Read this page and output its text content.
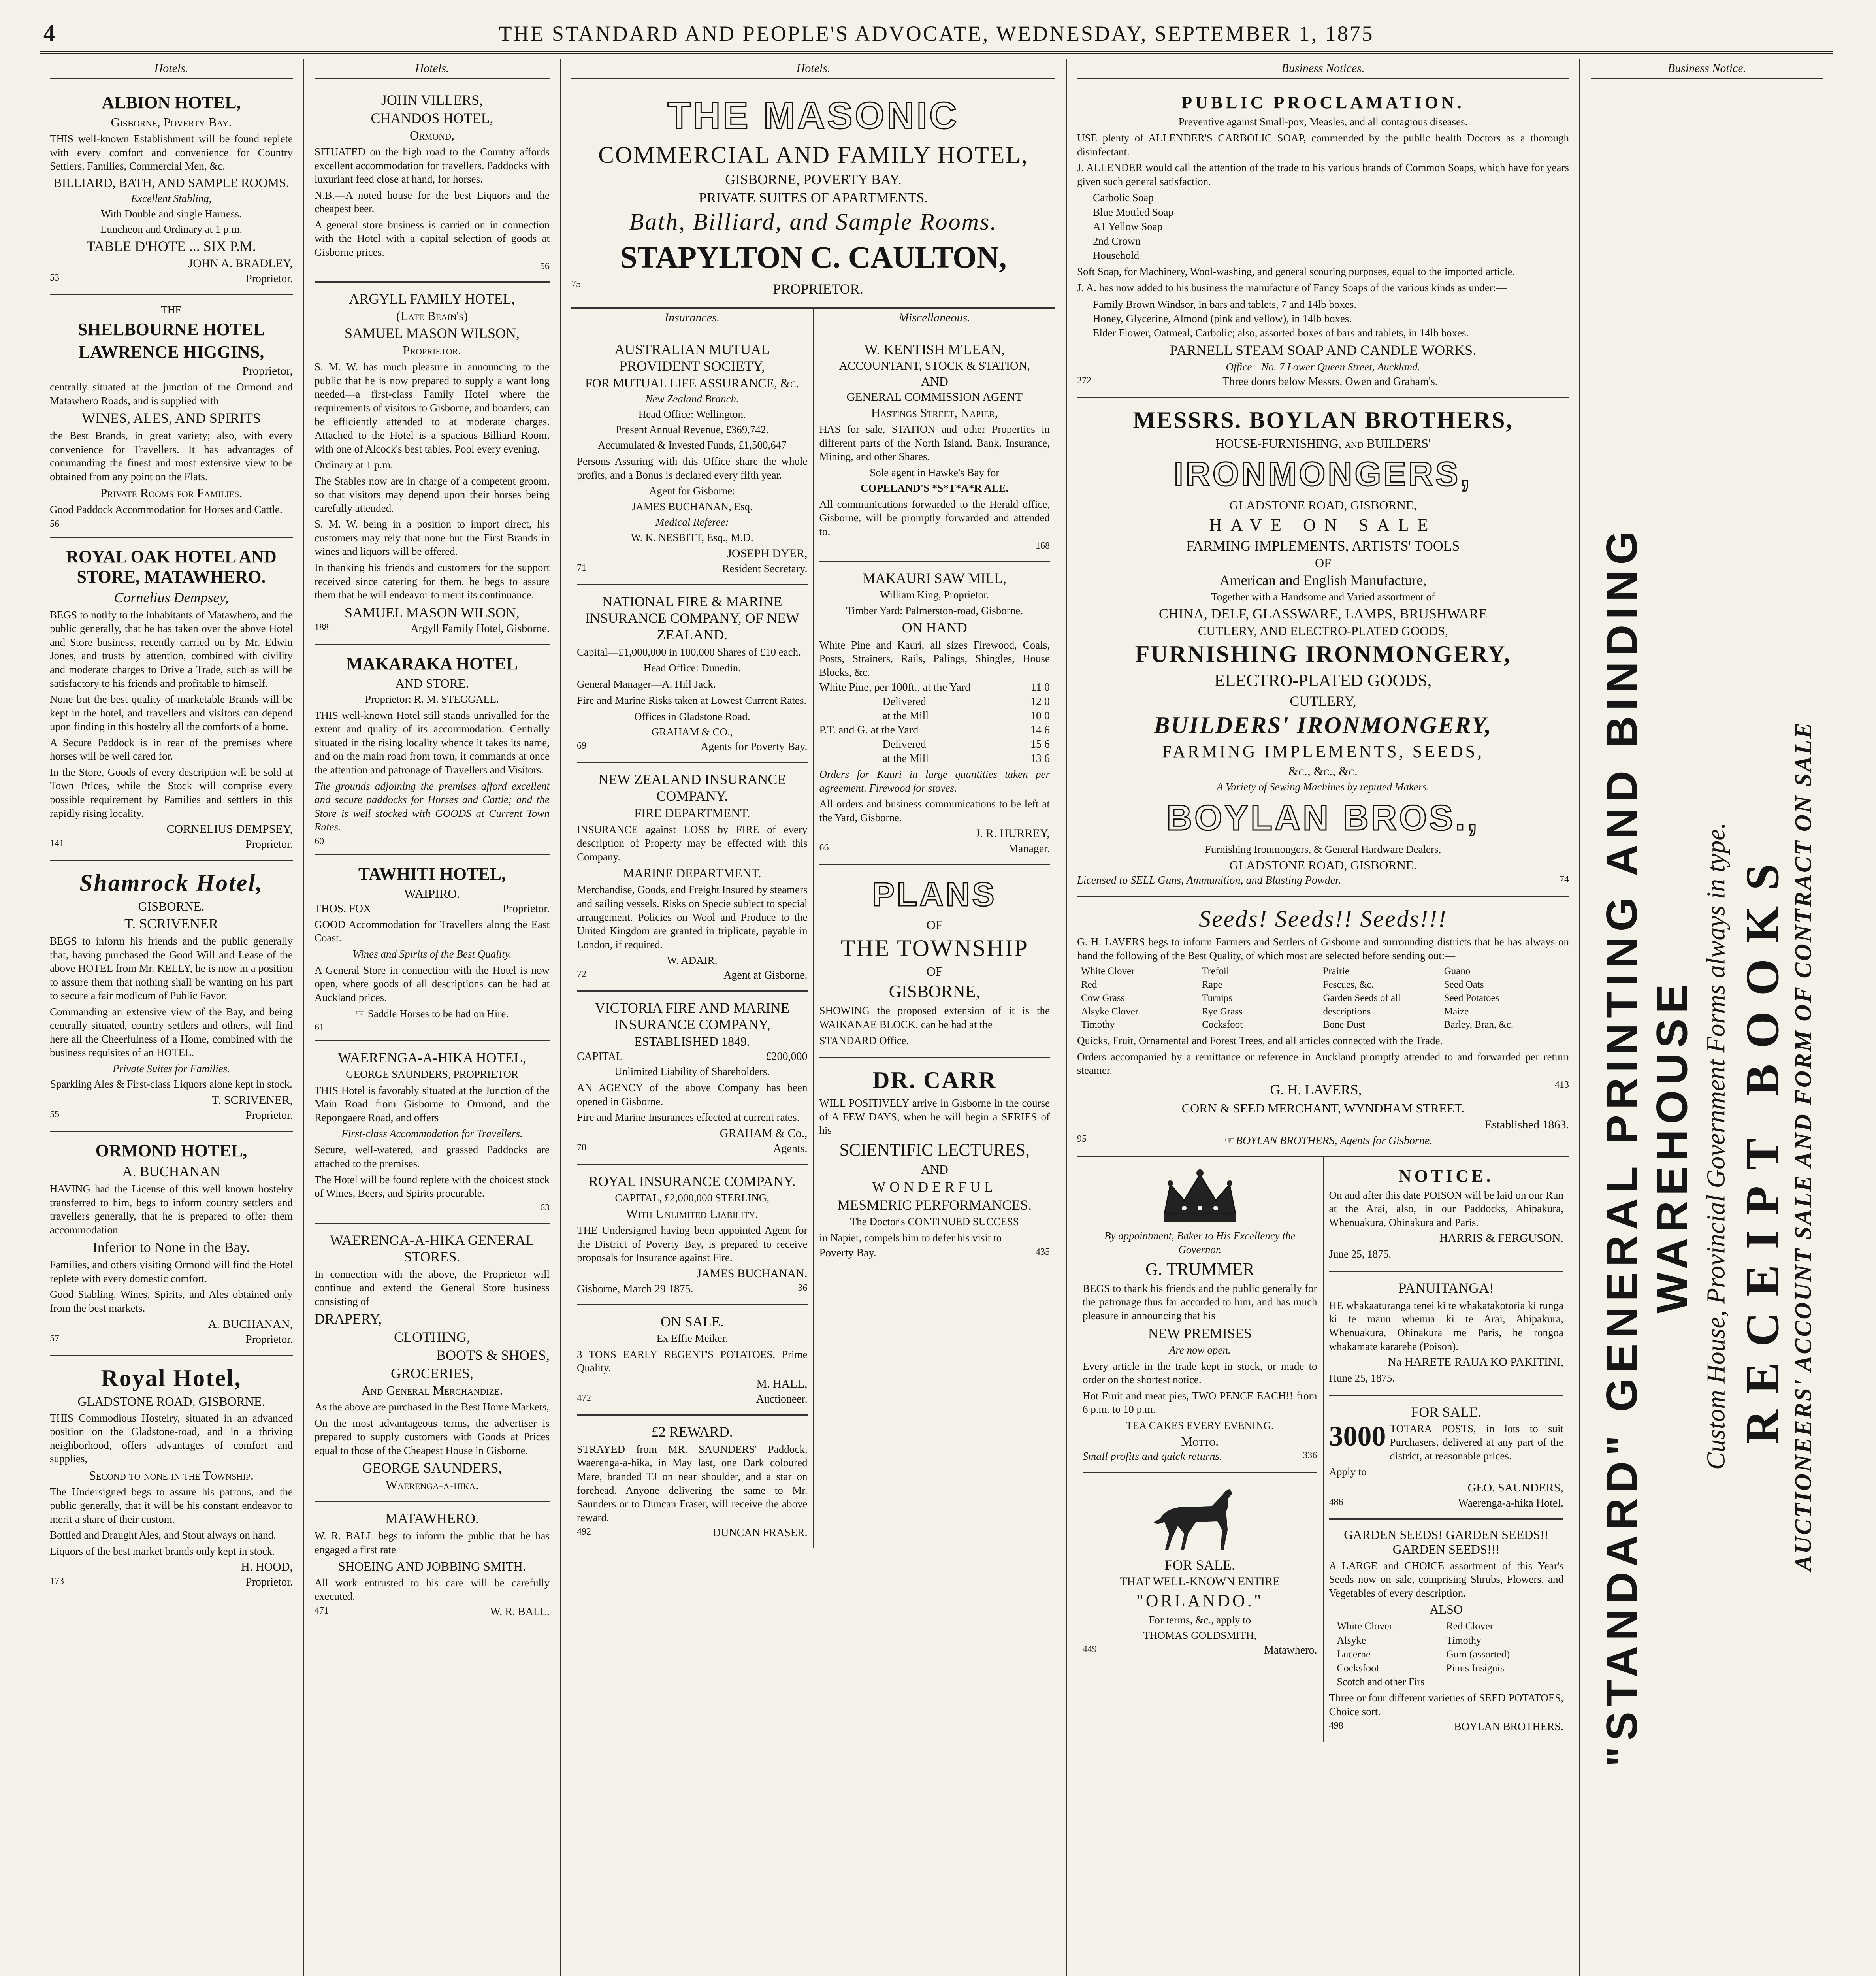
4	THE STANDARD AND PEOPLE'S ADVOCATE, WEDNESDAY, SEPTEMBER 1, 1875
Hotels.
ALBION HOTEL,
Gisborne, Poverty Bay.
THIS well-known Establishment will be found replete with every comfort and convenience for Country Settlers, Families, Commercial Men, &c.
BILLIARD, BATH, AND SAMPLE ROOMS.
Excellent Stabling,
With Double and single Harness.
Luncheon and Ordinary at 1 p.m.
TABLE D'HOTE ... SIX P.M.
JOHN A. BRADLEY,
53	Proprietor.
THE
SHELBOURNE HOTEL
LAWRENCE HIGGINS,
Proprietor,
centrally situated at the junction of the Ormond and Matawhero Roads, and is supplied with
WINES, ALES, AND SPIRITS
the Best Brands, in great variety; also, with every convenience for Travellers. It has advantages of commanding the finest and most extensive view to be obtained from any point on the Flats.
Private Rooms for Families.
Good Paddock Accommodation for Horses and Cattle.
56
ROYAL OAK HOTEL AND STORE, MATAWHERO.
Cornelius Dempsey,
BEGS to notify to the inhabitants of Matawhero, and the public generally, that he has taken over the above Hotel and Store business, recently carried on by Mr. Edwin Jones, and trusts by attention, combined with civility and moderate charges to Drive a Trade, such as will be satisfactory to his friends and profitable to himself.
None but the best quality of marketable Brands will be kept in the hotel, and travellers and visitors can depend upon finding in this hostelry all the comforts of a home.
A Secure Paddock is in rear of the premises where horses will be well cared for.
In the Store, Goods of every description will be sold at Town Prices, while the Stock will comprise every possible requirement by Families and settlers in this rapidly rising locality.
CORNELIUS DEMPSEY,
141	Proprietor.
Shamrock Hotel,
GISBORNE.
T. SCRIVENER
BEGS to inform his friends and the public generally that, having purchased the Good Will and Lease of the above HOTEL from Mr. KELLY, he is now in a position to assure them that nothing shall be wanting on his part to secure a fair modicum of Public Favor.
Commanding an extensive view of the Bay, and being centrally situated, country settlers and others, will find here all the Cheerfulness of a Home, combined with the business requisites of an HOTEL.
Private Suites for Families.
Sparkling Ales & First-class Liquors alone kept in stock.
T. SCRIVENER,
55	Proprietor.
ORMOND HOTEL,
A. BUCHANAN
HAVING had the License of this well known hostelry transferred to him, begs to inform country settlers and travellers generally, that he is prepared to offer them accommodation
Inferior to None in the Bay.
Families, and others visiting Ormond will find the Hotel replete with every domestic comfort.
Good Stabling. Wines, Spirits, and Ales obtained only from the best markets.
A. BUCHANAN,
57	Proprietor.
Royal Hotel,
GLADSTONE ROAD, GISBORNE.
THIS Commodious Hostelry, situated in an advanced position on the Gladstone-road, and in a thriving neighborhood, offers advantages of comfort and supplies,
Second to none in the Township.
The Undersigned begs to assure his patrons, and the public generally, that it will be his constant endeavor to merit a share of their custom.
Bottled and Draught Ales, and Stout always on hand.
Liquors of the best market brands only kept in stock.
H. HOOD,
173	Proprietor.
Hotels.
JOHN VILLERS,
CHANDOS HOTEL,
Ormond,
SITUATED on the high road to the Country affords excellent accommodation for travellers. Paddocks with luxuriant feed close at hand, for horses.
N.B.—A noted house for the best Liquors and the cheapest beer.
A general store business is carried on in connection with the Hotel with a capital selection of goods at Gisborne prices.
56
ARGYLL FAMILY HOTEL,
(Late Beain's)
SAMUEL MASON WILSON,
Proprietor.
S. M. W. has much pleasure in announcing to the public that he is now prepared to supply a want long needed—a first-class Family Hotel where the requirements of visitors to Gisborne, and boarders, can be efficiently attended to at moderate charges. Attached to the Hotel is a spacious Billiard Room, with one of Alcock's best tables. Pool every evening.
Ordinary at 1 p.m.
The Stables now are in charge of a competent groom, so that visitors may depend upon their horses being carefully attended.
S. M. W. being in a position to import direct, his customers may rely that none but the First Brands in wines and liquors will be offered.
In thanking his friends and customers for the support received since catering for them, he begs to assure them that he will endeavor to merit its continuance.
SAMUEL MASON WILSON,
188	Argyll Family Hotel, Gisborne.
MAKARAKA HOTEL
AND STORE.
Proprietor: R. M. STEGGALL.
THIS well-known Hotel still stands unrivalled for the extent and quality of its accommodation. Centrally situated in the rising locality whence it takes its name, and on the main road from town, it commands at once the attention and patronage of Travellers and Visitors.
The grounds adjoining the premises afford excellent and secure paddocks for Horses and Cattle; and the Store is well stocked with GOODS at Current Town Rates.
60
TAWHITI HOTEL,
WAIPIRO.
THOS. FOX	Proprietor.
GOOD Accommodation for Travellers along the East Coast.
Wines and Spirits of the Best Quality.
A General Store in connection with the Hotel is now open, where goods of all descriptions can be had at Auckland prices.
☞ Saddle Horses to be had on Hire.
61
WAERENGA-A-HIKA HOTEL,
GEORGE SAUNDERS, PROPRIETOR
THIS Hotel is favorably situated at the Junction of the Main Road from Gisborne to Ormond, and the Repongaere Road, and offers
First-class Accommodation for Travellers.
Secure, well-watered, and grassed Paddocks are attached to the premises.
The Hotel will be found replete with the choicest stock of Wines, Beers, and Spirits procurable.
63
WAERENGA-A-HIKA GENERAL STORES.
In connection with the above, the Proprietor will continue and extend the General Store business consisting of
DRAPERY,
CLOTHING,
BOOTS & SHOES,
GROCERIES,
And General Merchandize.
As the above are purchased in the Best Home Markets,
On the most advantageous terms, the advertiser is prepared to supply customers with Goods at Prices equal to those of the Cheapest House in Gisborne.
GEORGE SAUNDERS,
Waerenga-a-hika.
MATAWHERO.
W. R. BALL begs to inform the public that he has engaged a first rate
SHOEING AND JOBBING SMITH.
All work entrusted to his care will be carefully executed.
471	W. R. BALL.
Hotels.
THE MASONIC
COMMERCIAL AND FAMILY HOTEL,
GISBORNE, POVERTY BAY.
PRIVATE SUITES OF APARTMENTS.
Bath, Billiard, and Sample Rooms.
STAPYLTON C. CAULTON,
75	PROPRIETOR.
Insurances.
AUSTRALIAN MUTUAL PROVIDENT SOCIETY,
FOR MUTUAL LIFE ASSURANCE, &c.
New Zealand Branch.
Head Office: Wellington.
Present Annual Revenue, £369,742.
Accumulated & Invested Funds, £1,500,647
Persons Assuring with this Office share the whole profits, and a Bonus is declared every fifth year.
Agent for Gisborne:
JAMES BUCHANAN, Esq.
Medical Referee:
W. K. NESBITT, Esq., M.D.
JOSEPH DYER,
71	Resident Secretary.
NATIONAL FIRE & MARINE INSURANCE COMPANY, OF NEW ZEALAND.
Capital—£1,000,000 in 100,000 Shares of £10 each.
Head Office: Dunedin.
General Manager—A. Hill Jack.
Fire and Marine Risks taken at Lowest Current Rates.
Offices in Gladstone Road.
GRAHAM & CO.,
69	Agents for Poverty Bay.
NEW ZEALAND INSURANCE COMPANY.
FIRE DEPARTMENT.
INSURANCE against LOSS by FIRE of every description of Property may be effected with this Company.
MARINE DEPARTMENT.
Merchandise, Goods, and Freight Insured by steamers and sailing vessels. Risks on Specie subject to special arrangement. Policies on Wool and Produce to the United Kingdom are granted in triplicate, payable in London, if required.
W. ADAIR,
72	Agent at Gisborne.
VICTORIA FIRE AND MARINE INSURANCE COMPANY,
ESTABLISHED 1849.
CAPITAL	£200,000
Unlimited Liability of Shareholders.
AN AGENCY of the above Company has been opened in Gisborne.
Fire and Marine Insurances effected at current rates.
GRAHAM & Co.,
70	Agents.
ROYAL INSURANCE COMPANY.
CAPITAL, £2,000,000 STERLING,
With Unlimited Liability.
THE Undersigned having been appointed Agent for the District of Poverty Bay, is prepared to receive proposals for Insurance against Fire.
JAMES BUCHANAN.
Gisborne, March 29 1875.	36
ON SALE.
Ex Effie Meiker.
3 TONS EARLY REGENT'S POTATOES, Prime Quality.
M. HALL,
472	Auctioneer.
£2 REWARD.
STRAYED from MR. SAUNDERS' Paddock, Waerenga-a-hika, in May last, one Dark coloured Mare, branded TJ on near shoulder, and a star on forehead. Anyone delivering the same to Mr. Saunders or to Duncan Fraser, will receive the above reward.
492	DUNCAN FRASER.
Miscellaneous.
W. KENTISH M'LEAN,
ACCOUNTANT, STOCK & STATION,
AND
GENERAL COMMISSION AGENT
Hastings Street, Napier,
HAS for sale, STATION and other Properties in different parts of the North Island. Bank, Insurance, Mining, and other Shares.
Sole agent in Hawke's Bay for
COPELAND'S *S*T*A*R ALE.
All communications forwarded to the Herald office, Gisborne, will be promptly forwarded and attended to.
168
MAKAURI SAW MILL,
William King, Proprietor.
Timber Yard: Palmerston-road, Gisborne.
ON HAND
White Pine and Kauri, all sizes Firewood, Coals, Posts, Strainers, Rails, Palings, Shingles, House Blocks, &c.
White Pine, per 100ft., at the Yard	11 0
Delivered	12 0
at the Mill	10 0
P.T. and G. at the Yard	14 6
Delivered	15 6
at the Mill	13 6
Orders for Kauri in large quantities taken per agreement. Firewood for stoves.
All orders and business communications to be left at the Yard, Gisborne.
J. R. HURREY,
66	Manager.
PLANS
OF
THE TOWNSHIP
OF
GISBORNE,
SHOWING the proposed extension of it is the WAIKANAE BLOCK, can be had at the
STANDARD Office.
DR. CARR
WILL POSITIVELY arrive in Gisborne in the course of A FEW DAYS, when he will begin a SERIES of his
SCIENTIFIC LECTURES,
AND
WONDERFUL
MESMERIC PERFORMANCES.
The Doctor's CONTINUED SUCCESS
in Napier, compels him to defer his visit to
Poverty Bay.	435
Business Notices.
PUBLIC PROCLAMATION.
Preventive against Small-pox, Measles, and all contagious diseases.
USE plenty of ALLENDER'S CARBOLIC SOAP, commended by the public health Doctors as a thorough disinfectant.
J. ALLENDER would call the attention of the trade to his various brands of Common Soaps, which have for years given such general satisfaction.
Carbolic Soap
Blue Mottled Soap
A1 Yellow Soap
2nd Crown
Household
Soft Soap, for Machinery, Wool-washing, and general scouring purposes, equal to the imported article.
J. A. has now added to his business the manufacture of Fancy Soaps of the various kinds as under:—
Family Brown Windsor, in bars and tablets, 7 and 14lb boxes.
Honey, Glycerine, Almond (pink and yellow), in 14lb boxes.
Elder Flower, Oatmeal, Carbolic; also, assorted boxes of bars and tablets, in 14lb boxes.
PARNELL STEAM SOAP AND CANDLE WORKS.
Office—No. 7 Lower Queen Street, Auckland.
272	Three doors below Messrs. Owen and Graham's.
MESSRS. BOYLAN BROTHERS,
HOUSE-FURNISHING, and BUILDERS'
IRONMONGERS,
GLADSTONE ROAD, GISBORNE,
HAVE ON SALE
FARMING IMPLEMENTS, ARTISTS' TOOLS
OF
American and English Manufacture,
Together with a Handsome and Varied assortment of
CHINA, DELF, GLASSWARE, LAMPS, BRUSHWARE
CUTLERY, AND ELECTRO-PLATED GOODS,
FURNISHING IRONMONGERY,
ELECTRO-PLATED GOODS,
CUTLERY,
BUILDERS' IRONMONGERY,
FARMING IMPLEMENTS, SEEDS,
&c., &c., &c.
A Variety of Sewing Machines by reputed Makers.
BOYLAN BROS.,
Furnishing Ironmongers, & General Hardware Dealers,
GLADSTONE ROAD, GISBORNE.
Licensed to SELL Guns, Ammunition, and Blasting Powder.	74
Seeds! Seeds!! Seeds!!!
G. H. LAVERS begs to inform Farmers and Settlers of Gisborne and surrounding districts that he has always on hand the following of the Best Quality, of which most are selected before sending out:—
White Clover	Trefoil	Prairie	Guano
Red	Rape	Fescues, &c.	Seed Oats
Cow Grass	Turnips	Garden Seeds of all	Seed Potatoes
Alsyke Clover	Rye Grass	descriptions	Maize
Timothy	Cocksfoot	Bone Dust	Barley, Bran, &c.
Quicks, Fruit, Ornamental and Forest Trees, and all articles connected with the Trade.
Orders accompanied by a remittance or reference in Auckland promptly attended to and forwarded per return steamer.
G. H. LAVERS,	413
CORN & SEED MERCHANT, WYNDHAM STREET.
Established 1863.
95	☞ BOYLAN BROTHERS, Agents for Gisborne.
By appointment, Baker to His Excellency the Governor.
G. TRUMMER
BEGS to thank his friends and the public generally for the patronage thus far accorded to him, and has much pleasure in announcing that his
NEW PREMISES
Are now open.
Every article in the trade kept in stock, or made to order on the shortest notice.
Hot Fruit and meat pies, TWO PENCE EACH!! from 6 p.m. to 10 p.m.
TEA CAKES EVERY EVENING.
Motto.
Small profits and quick returns.	336
FOR SALE.
THAT WELL-KNOWN ENTIRE
"ORLANDO."
For terms, &c., apply to
THOMAS GOLDSMITH,
449	Matawhero.
NOTICE.
On and after this date POISON will be laid on our Run at the Arai, also, in our Paddocks, Ahipakura, Whenuakura, Ohinakura and Paris.
HARRIS & FERGUSON.
June 25, 1875.
PANUITANGA!
HE whakaaturanga tenei ki te whakatakotoria ki runga ki te mauu whenua ki te Arai, Ahipakura, Whenuakura, Ohinakura me Paris, he rongoa whakamate kararehe (Poison).
Na HARETE RAUA KO PAKITINI,
Hune 25, 1875.
FOR SALE.
3000 TOTARA POSTS, in lots to suit Purchasers, delivered at any part of the district, at reasonable prices.
Apply to
GEO. SAUNDERS,
486	Waerenga-a-hika Hotel.
GARDEN SEEDS! GARDEN SEEDS!! GARDEN SEEDS!!!
A LARGE and CHOICE assortment of this Year's Seeds now on sale, comprising Shrubs, Flowers, and Vegetables of every description.
ALSO
White Clover	Red Clover
Alsyke	Timothy
Lucerne	Gum (assorted)
Cocksfoot	Pinus Insignis
Scotch and other Firs
Three or four different varieties of SEED POTATOES, Choice sort.
498	BOYLAN BROTHERS.
Business Notice.
"STANDARD" GENERAL PRINTING AND BINDING WAREHOUSE Custom House, Provincial Government Forms always in type. RECEIPT BOOKS AUCTIONEERS' ACCOUNT SALE AND FORM OF CONTRACT ON SALE
